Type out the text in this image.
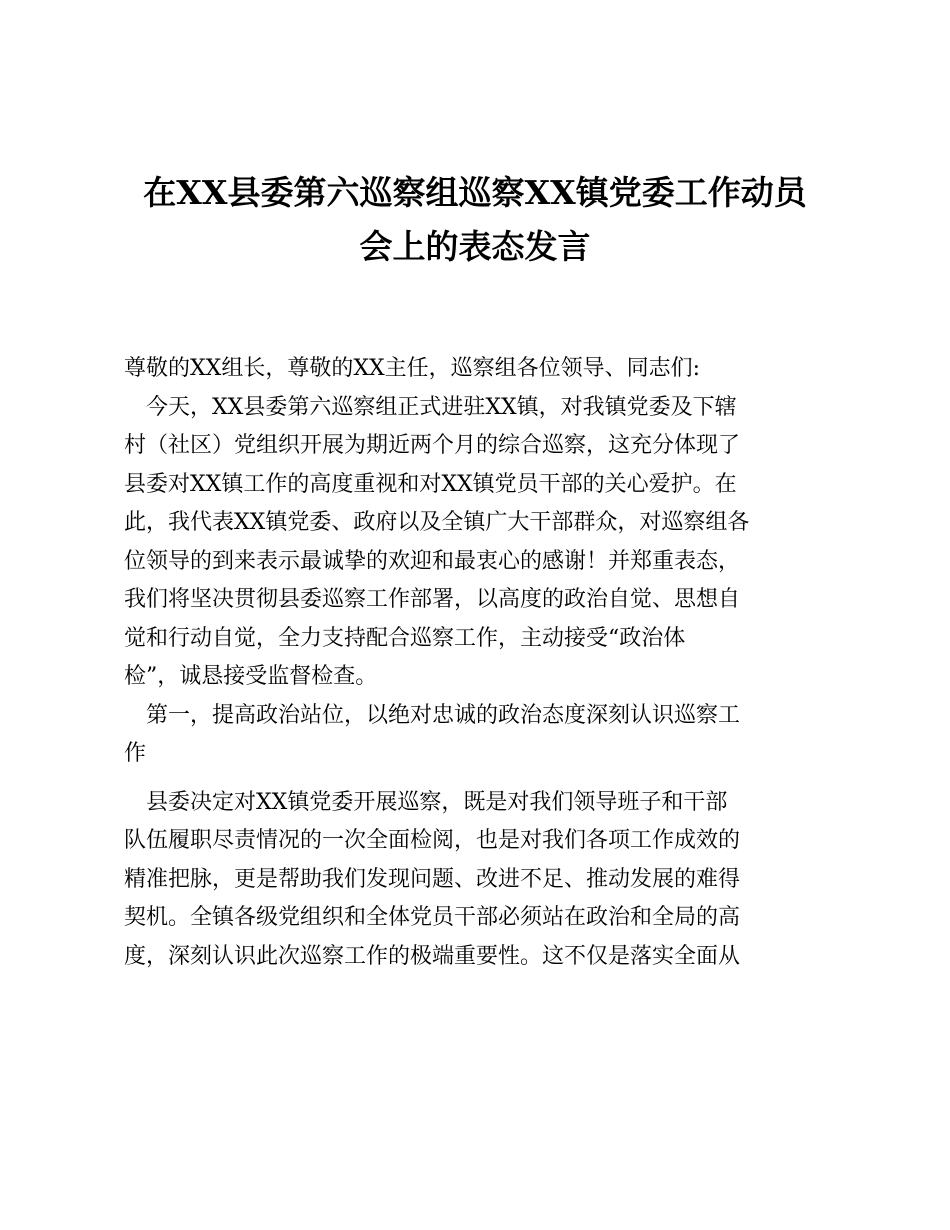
在XX县委第六巡察组巡察XX镇党委工作动员
会上的表态发言
尊敬的XX组长，尊敬的XX主任，巡察组各位领导、同志们:
　今天，XX县委第六巡察组正式进驻XX镇，对我镇党委及下辖
村（社区）党组织开展为期近两个月的综合巡察，这充分体现了
县委对XX镇工作的高度重视和对XX镇党员干部的关心爱护。在
此，我代表XX镇党委、政府以及全镇广大干部群众，对巡察组各
位领导的到来表示最诚挚的欢迎和最衷心的感谢！并郑重表态，
我们将坚决贯彻县委巡察工作部署，以高度的政治自觉、思想自
觉和行动自觉，全力支持配合巡察工作，主动接受“政治体
检”，诚恳接受监督检查。
　第一，提高政治站位，以绝对忠诚的政治态度深刻认识巡察工
作
　县委决定对XX镇党委开展巡察，既是对我们领导班子和干部
队伍履职尽责情况的一次全面检阅，也是对我们各项工作成效的
精准把脉，更是帮助我们发现问题、改进不足、推动发展的难得
契机。全镇各级党组织和全体党员干部必须站在政治和全局的高
度，深刻认识此次巡察工作的极端重要性。这不仅是落实全面从
